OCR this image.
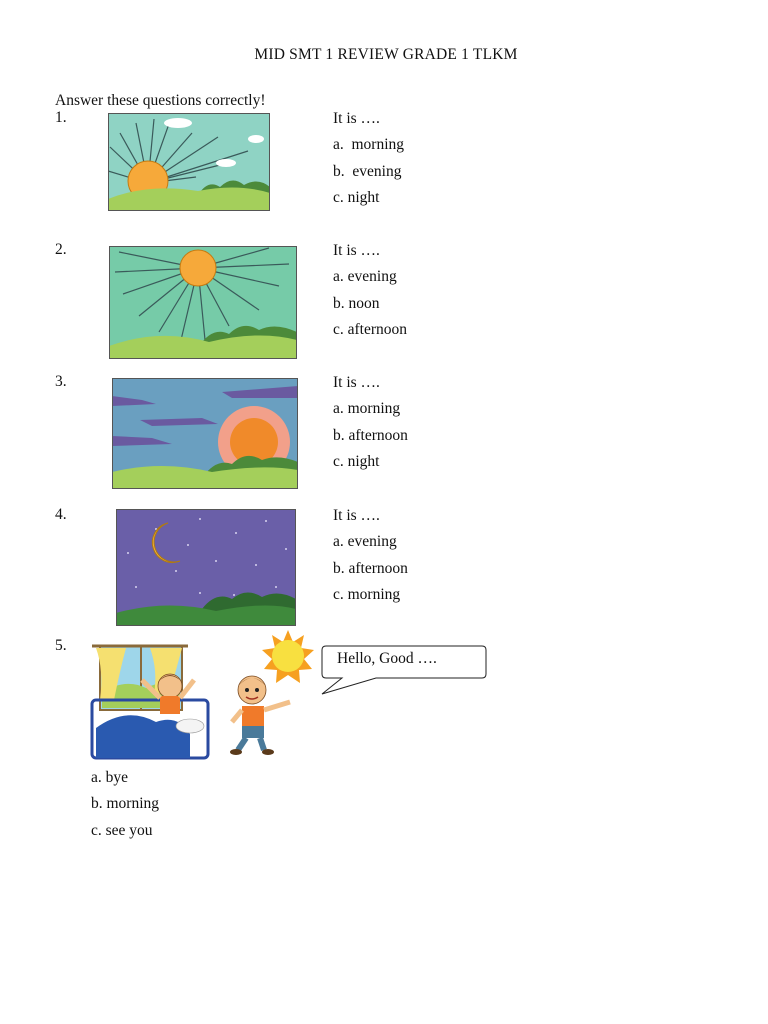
MID SMT 1 REVIEW GRADE 1 TLKM
Answer these questions correctly!
1.	It is ….
a.  morning
b.  evening
c. night
2.	It is ….
a. evening
b. noon
c. afternoon
3.	It is ….
a. morning
b. afternoon
c. night
4.	It is ….
a. evening
b. afternoon
c. morning
5.
Hello, Good ….
a. bye
b. morning
c. see you
